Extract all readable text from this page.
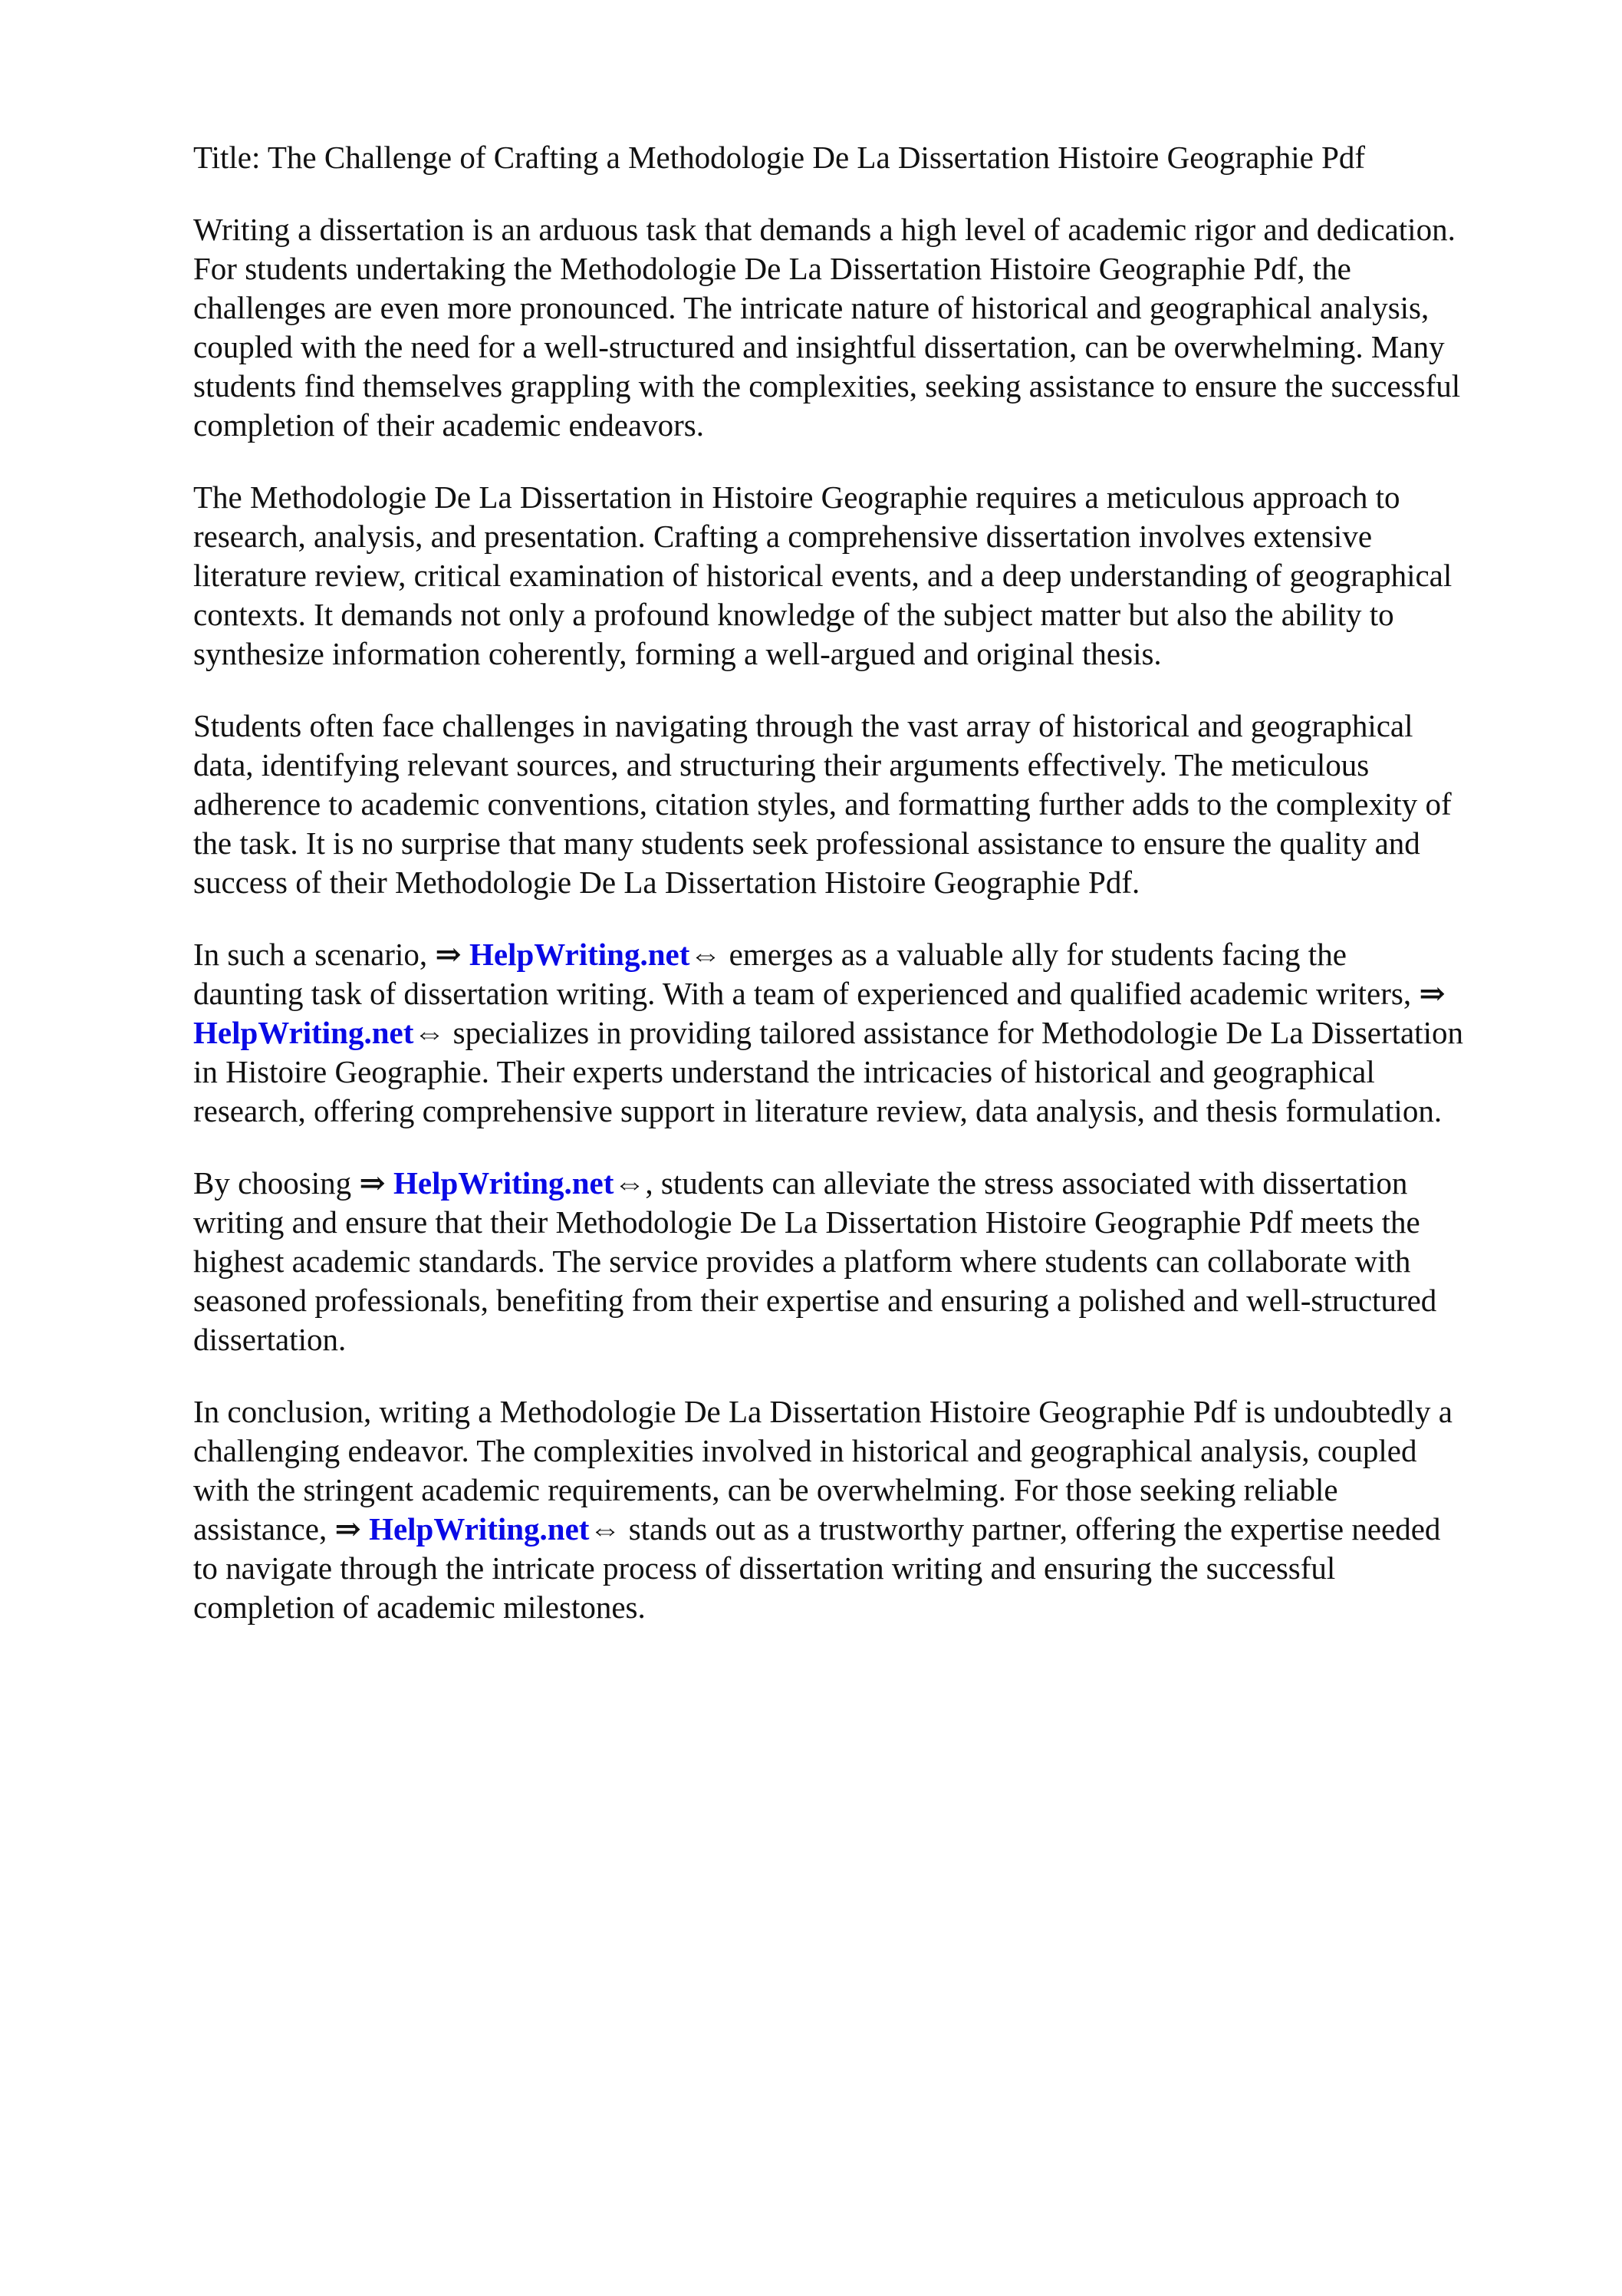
Title: The Challenge of Crafting a Methodologie De La Dissertation Histoire Geographie Pdf
Writing a dissertation is an arduous task that demands a high level of academic rigor and dedication.
For students undertaking the Methodologie De La Dissertation Histoire Geographie Pdf, the
challenges are even more pronounced. The intricate nature of historical and geographical analysis,
coupled with the need for a well-structured and insightful dissertation, can be overwhelming. Many
students find themselves grappling with the complexities, seeking assistance to ensure the successful
completion of their academic endeavors.
The Methodologie De La Dissertation in Histoire Geographie requires a meticulous approach to
research, analysis, and presentation. Crafting a comprehensive dissertation involves extensive
literature review, critical examination of historical events, and a deep understanding of geographical
contexts. It demands not only a profound knowledge of the subject matter but also the ability to
synthesize information coherently, forming a well-argued and original thesis.
Students often face challenges in navigating through the vast array of historical and geographical
data, identifying relevant sources, and structuring their arguments effectively. The meticulous
adherence to academic conventions, citation styles, and formatting further adds to the complexity of
the task. It is no surprise that many students seek professional assistance to ensure the quality and
success of their Methodologie De La Dissertation Histoire Geographie Pdf.
In such a scenario, ⇒ HelpWriting.net⇔ emerges as a valuable ally for students facing the
daunting task of dissertation writing. With a team of experienced and qualified academic writers, ⇒
HelpWriting.net⇔ specializes in providing tailored assistance for Methodologie De La Dissertation
in Histoire Geographie. Their experts understand the intricacies of historical and geographical
research, offering comprehensive support in literature review, data analysis, and thesis formulation.
By choosing ⇒ HelpWriting.net⇔, students can alleviate the stress associated with dissertation
writing and ensure that their Methodologie De La Dissertation Histoire Geographie Pdf meets the
highest academic standards. The service provides a platform where students can collaborate with
seasoned professionals, benefiting from their expertise and ensuring a polished and well-structured
dissertation.
In conclusion, writing a Methodologie De La Dissertation Histoire Geographie Pdf is undoubtedly a
challenging endeavor. The complexities involved in historical and geographical analysis, coupled
with the stringent academic requirements, can be overwhelming. For those seeking reliable
assistance, ⇒ HelpWriting.net⇔ stands out as a trustworthy partner, offering the expertise needed
to navigate through the intricate process of dissertation writing and ensuring the successful
completion of academic milestones.
